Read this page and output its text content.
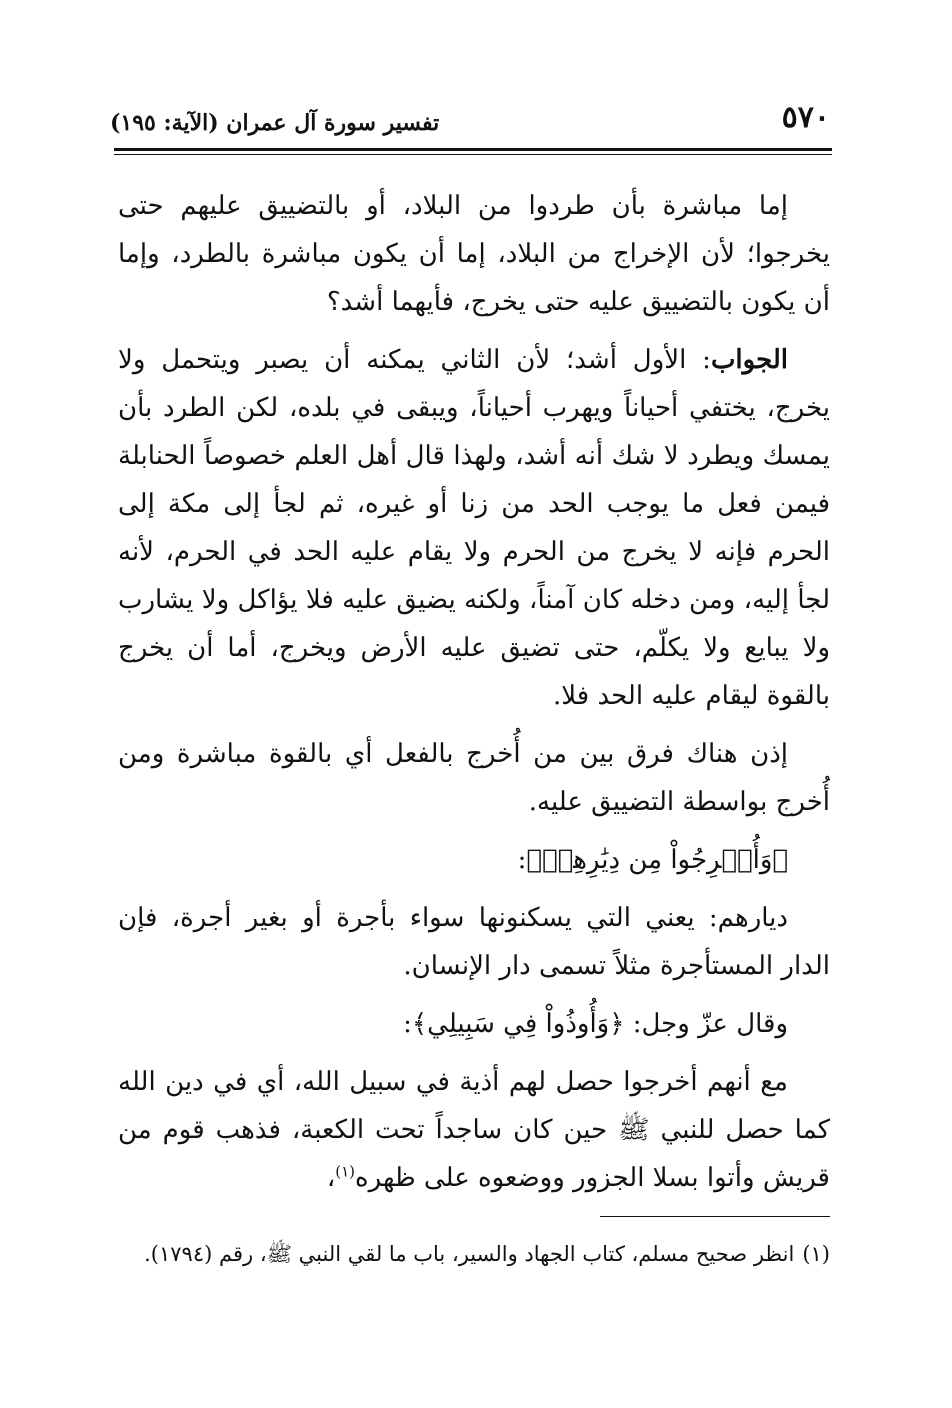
٥٧٠
تفسير سورة آل عمران (الآية: ١٩٥)

إما مباشرة بأن طردوا من البلاد، أو بالتضييق عليهم حتى يخرجوا؛ لأن الإخراج من البلاد، إما أن يكون مباشرة بالطرد، وإما أن يكون بالتضييق عليه حتى يخرج، فأيهما أشد؟

الجواب: الأول أشد؛ لأن الثاني يمكنه أن يصبر ويتحمل ولا يخرج، يختفي أحياناً ويهرب أحياناً، ويبقى في بلده، لكن الطرد بأن يمسك ويطرد لا شك أنه أشد، ولهذا قال أهل العلم خصوصاً الحنابلة فيمن فعل ما يوجب الحد من زنا أو غيره، ثم لجأ إلى مكة إلى الحرم فإنه لا يخرج من الحرم ولا يقام عليه الحد في الحرم، لأنه لجأ إليه، ومن دخله كان آمناً، ولكنه يضيق عليه فلا يؤاكل ولا يشارب ولا يبايع ولا يكلّم، حتى تضيق عليه الأرض ويخرج، أما أن يخرج بالقوة ليقام عليه الحد فلا.

إذن هناك فرق بين من أُخرج بالفعل أي بالقوة مباشرة ومن أُخرج بواسطة التضييق عليه.

﴿وَأُخۡرِجُواْ مِن دِيَٰرِهِمۡ﴾:

ديارهم: يعني التي يسكنونها سواء بأجرة أو بغير أجرة، فإن الدار المستأجرة مثلاً تسمى دار الإنسان.

وقال عزّ وجل: ﴿وَأُوذُواْ فِي سَبِيلِي﴾:

مع أنهم أخرجوا حصل لهم أذية في سبيل الله، أي في دين الله كما حصل للنبي ﷺ حين كان ساجداً تحت الكعبة، فذهب قوم من قريش وأتوا بسلا الجزور ووضعوه على ظهره$^{(١)}$،

(١)انظر صحيح مسلم، كتاب الجهاد والسير، باب ما لقي النبي ﷺ، رقم (١٧٩٤).
